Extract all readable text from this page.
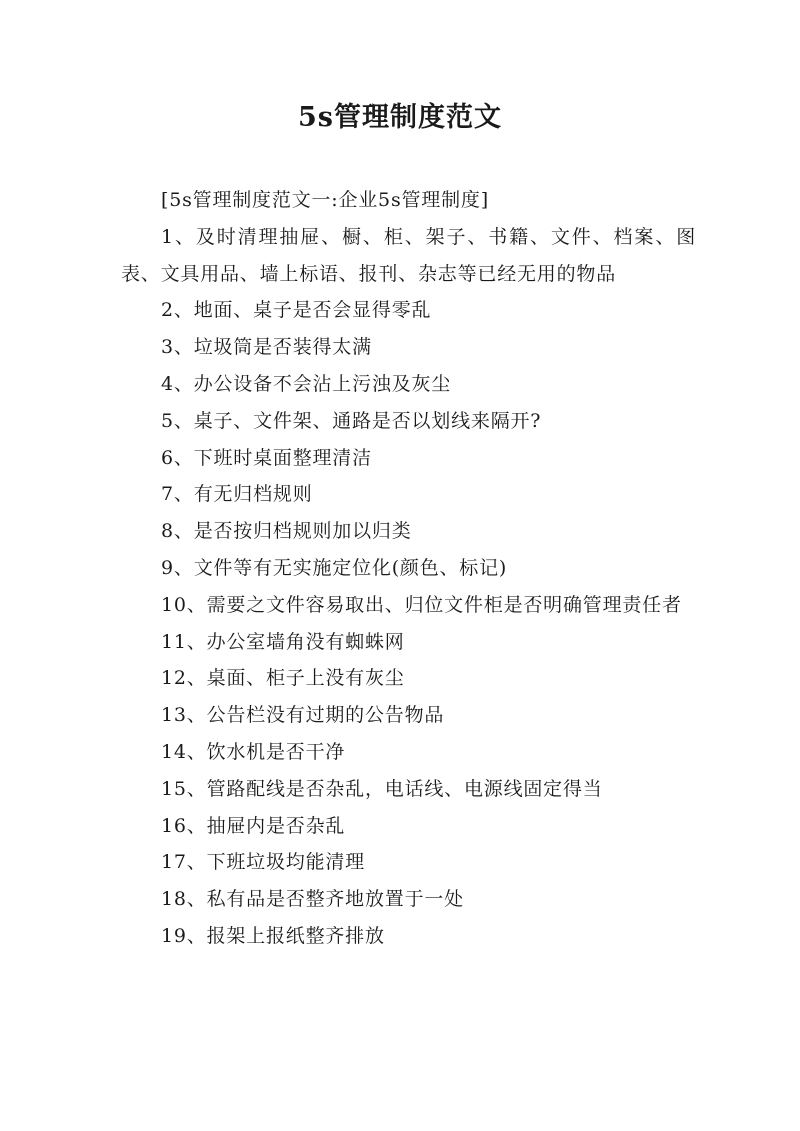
5s管理制度范文

[5s管理制度范文一:企业5s管理制度]

1、及时清理抽屉、橱、柜、架子、书籍、文件、档案、图表、文具用品、墙上标语、报刊、杂志等已经无用的物品

2、地面、桌子是否会显得零乱

3、垃圾筒是否装得太满

4、办公设备不会沾上污浊及灰尘

5、桌子、文件架、通路是否以划线来隔开?

6、下班时桌面整理清洁

7、有无归档规则

8、是否按归档规则加以归类

9、文件等有无实施定位化(颜色、标记)

10、需要之文件容易取出、归位文件柜是否明确管理责任者

11、办公室墙角没有蜘蛛网

12、桌面、柜子上没有灰尘

13、公告栏没有过期的公告物品

14、饮水机是否干净

15、管路配线是否杂乱，电话线、电源线固定得当

16、抽屉内是否杂乱

17、下班垃圾均能清理

18、私有品是否整齐地放置于一处

19、报架上报纸整齐排放
